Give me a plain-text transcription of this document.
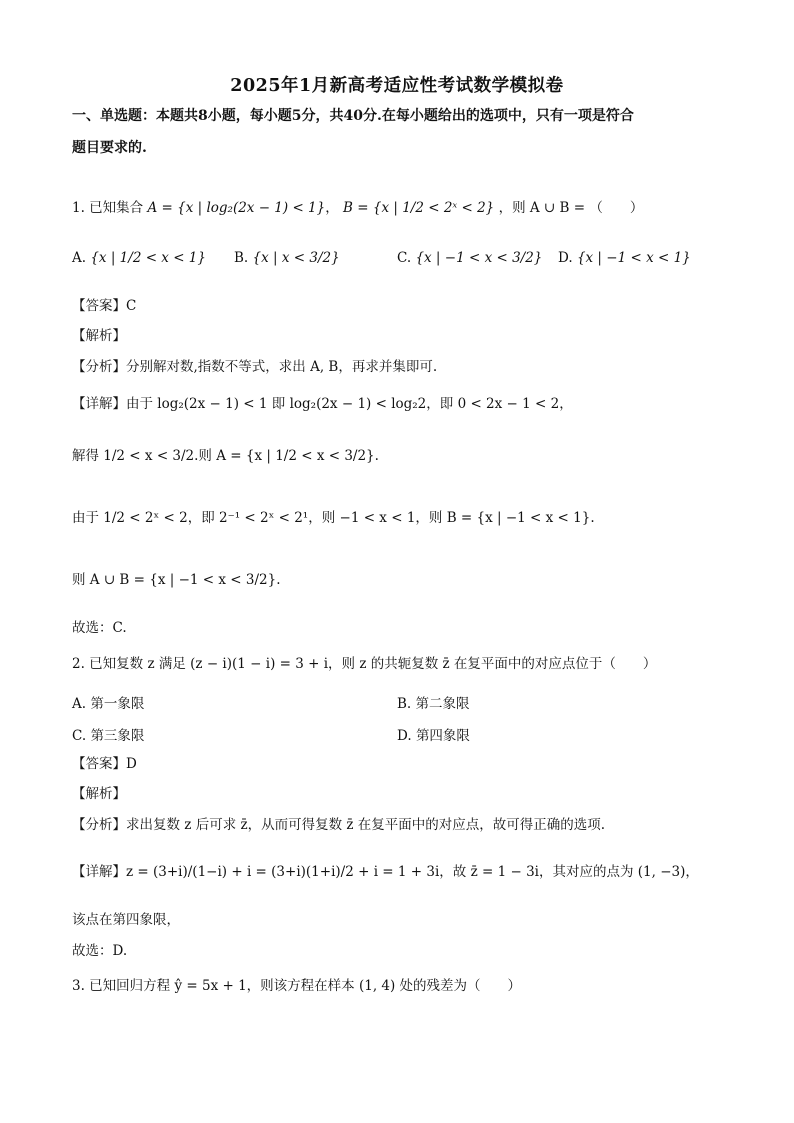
2025年1月新高考适应性考试数学模拟卷
一、单选题：本题共8小题，每小题5分，共40分.在每小题给出的选项中，只有一项是符合
题目要求的.
1. 已知集合 A = {x | log₂(2x − 1) < 1}， B = {x | 1/2 < 2ˣ < 2} ，则 A ∪ B = （　　）
A. {x | 1/2 < x < 1} B. {x | x < 3/2}	C. {x | −1 < x < 3/2} D. {x | −1 < x < 1}
【答案】C
【解析】
【分析】分别解对数,指数不等式，求出 A, B，再求并集即可.
【详解】由于 log₂(2x − 1) < 1 即 log₂(2x − 1) < log₂2，即 0 < 2x − 1 < 2，
解得 1/2 < x < 3/2.则 A = {x | 1/2 < x < 3/2}.
由于 1/2 < 2ˣ < 2，即 2⁻¹ < 2ˣ < 2¹，则 −1 < x < 1，则 B = {x | −1 < x < 1}.
则 A ∪ B = {x | −1 < x < 3/2}.
故选：C.
2. 已知复数 z 满足 (z − i)(1 − i) = 3 + i，则 z 的共轭复数 z̄ 在复平面中的对应点位于（　　）
A. 第一象限	B. 第二象限
C. 第三象限	D. 第四象限
【答案】D
【解析】
【分析】求出复数 z 后可求 z̄，从而可得复数 z̄ 在复平面中的对应点，故可得正确的选项.
【详解】z = (3+i)/(1−i) + i = (3+i)(1+i)/2 + i = 1 + 3i，故 z̄ = 1 − 3i，其对应的点为 (1, −3)，
该点在第四象限，
故选：D.
3. 已知回归方程 ŷ = 5x + 1，则该方程在样本 (1, 4) 处的残差为（　　）
